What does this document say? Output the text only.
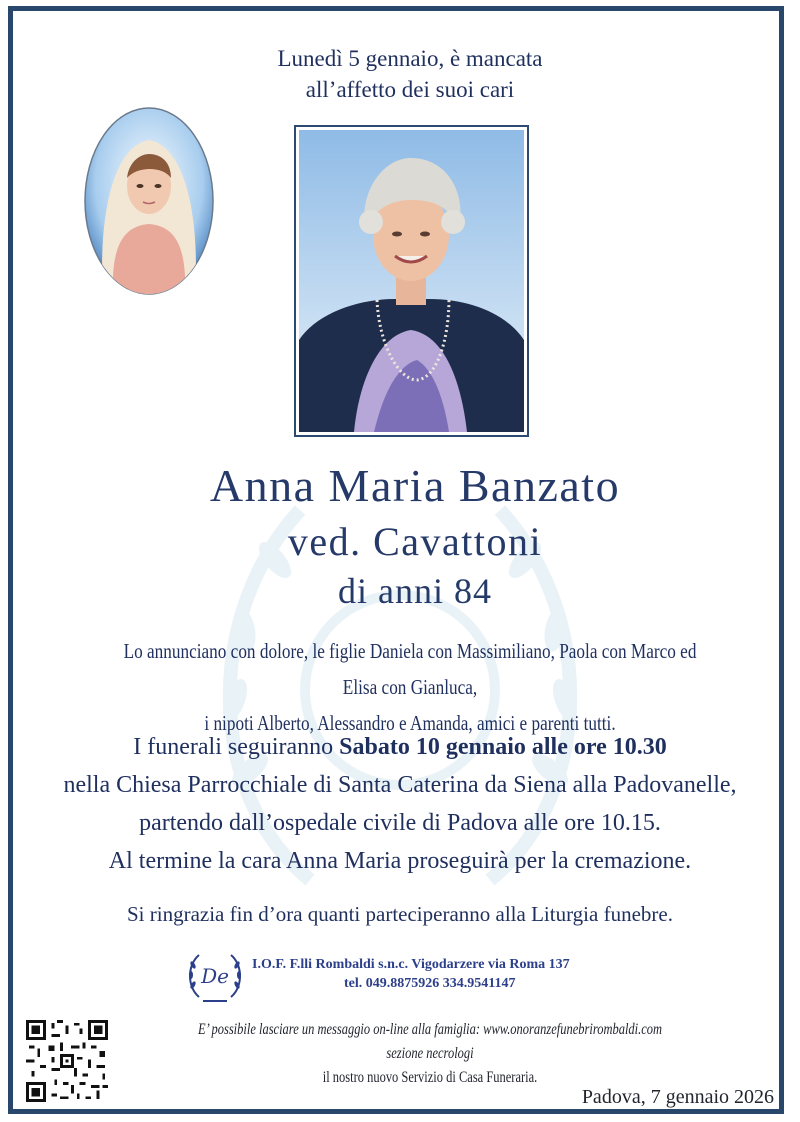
Lunedì 5 gennaio, è mancata
all’affetto dei suoi cari
Anna Maria Banzato
ved. Cavattoni
di anni 84
Lo annunciano con dolore, le figlie Daniela con Massimiliano, Paola con Marco ed Elisa con Gianluca,
i nipoti Alberto, Alessandro e Amanda, amici e parenti tutti.
I funerali seguiranno Sabato 10 gennaio alle ore 10.30
nella Chiesa Parrocchiale di Santa Caterina da Siena alla Padovanelle,
partendo dall’ospedale civile di Padova alle ore 10.15.
Al termine la cara Anna Maria proseguirà per la cremazione.
Si ringrazia fin d’ora quanti parteciperanno alla Liturgia funebre.
De I.O.F. F.lli Rombaldi s.n.c. Vigodarzere via Roma 137
tel. 049.8875926 334.9541147
E’ possibile lasciare un messaggio on-line alla famiglia: www.onoranzefunebrirombaldi.com sezione necrologi
il nostro nuovo Servizio di Casa Funeraria.
Padova, 7 gennaio 2026
